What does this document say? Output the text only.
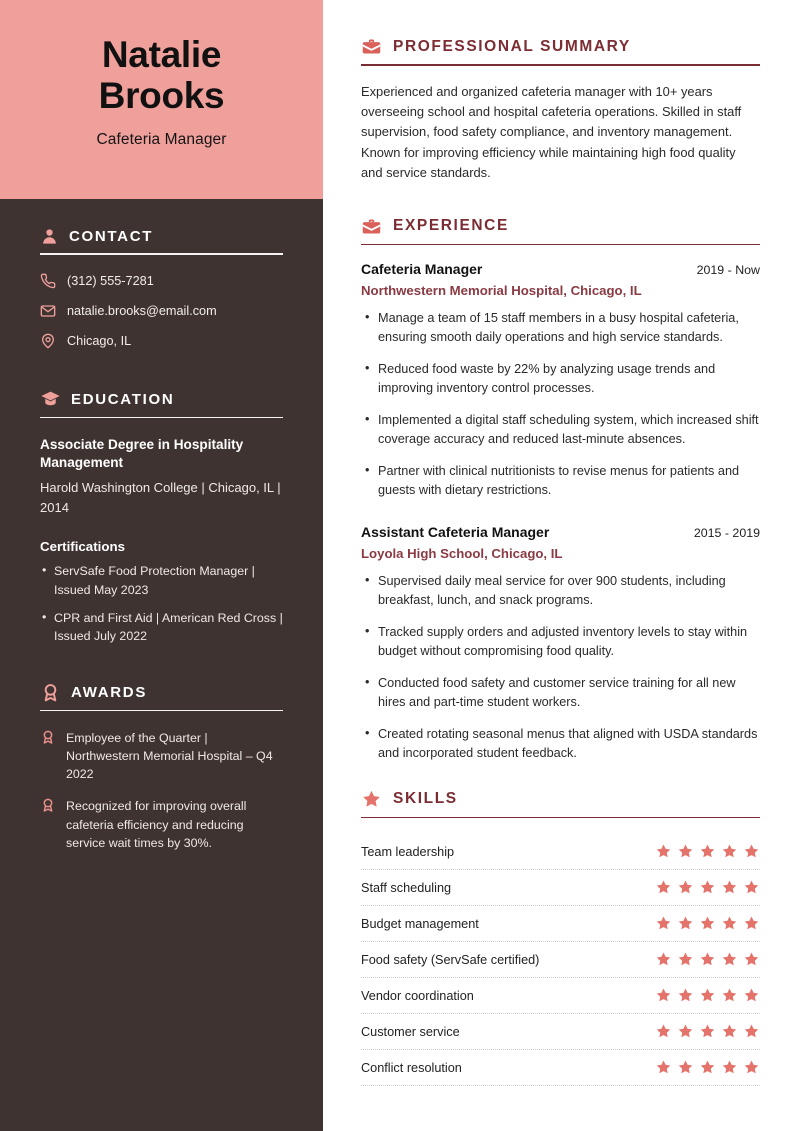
Natalie
Brooks
Cafeteria Manager
CONTACT
(312) 555-7281
natalie.brooks@email.com
Chicago, IL
EDUCATION
Associate Degree in Hospitality Management
Harold Washington College | Chicago, IL | 2014
Certifications
• ServSafe Food Protection Manager | Issued May 2023
• CPR and First Aid | American Red Cross | Issued July 2022
AWARDS
Employee of the Quarter | Northwestern Memorial Hospital – Q4 2022
Recognized for improving overall cafeteria efficiency and reducing service wait times by 30%.
PROFESSIONAL SUMMARY

Experienced and organized cafeteria manager with 10+ years overseeing school and hospital cafeteria operations. Skilled in staff supervision, food safety compliance, and inventory management. Known for improving efficiency while maintaining high food quality and service standards.

EXPERIENCE
Cafeteria Manager	2019 - Now
Northwestern Memorial Hospital, Chicago, IL
• Manage a team of 15 staff members in a busy hospital cafeteria, ensuring smooth daily operations and high service standards.
• Reduced food waste by 22% by analyzing usage trends and improving inventory control processes.
• Implemented a digital staff scheduling system, which increased shift coverage accuracy and reduced last-minute absences.
• Partner with clinical nutritionists to revise menus for patients and guests with dietary restrictions.
Assistant Cafeteria Manager	2015 - 2019
Loyola High School, Chicago, IL
• Supervised daily meal service for over 900 students, including breakfast, lunch, and snack programs.
• Tracked supply orders and adjusted inventory levels to stay within budget without compromising food quality.
• Conducted food safety and customer service training for all new hires and part-time student workers.
• Created rotating seasonal menus that aligned with USDA standards and incorporated student feedback.
SKILLS
Team leadership
Staff scheduling
Budget management
Food safety (ServSafe certified)
Vendor coordination
Customer service
Conflict resolution
